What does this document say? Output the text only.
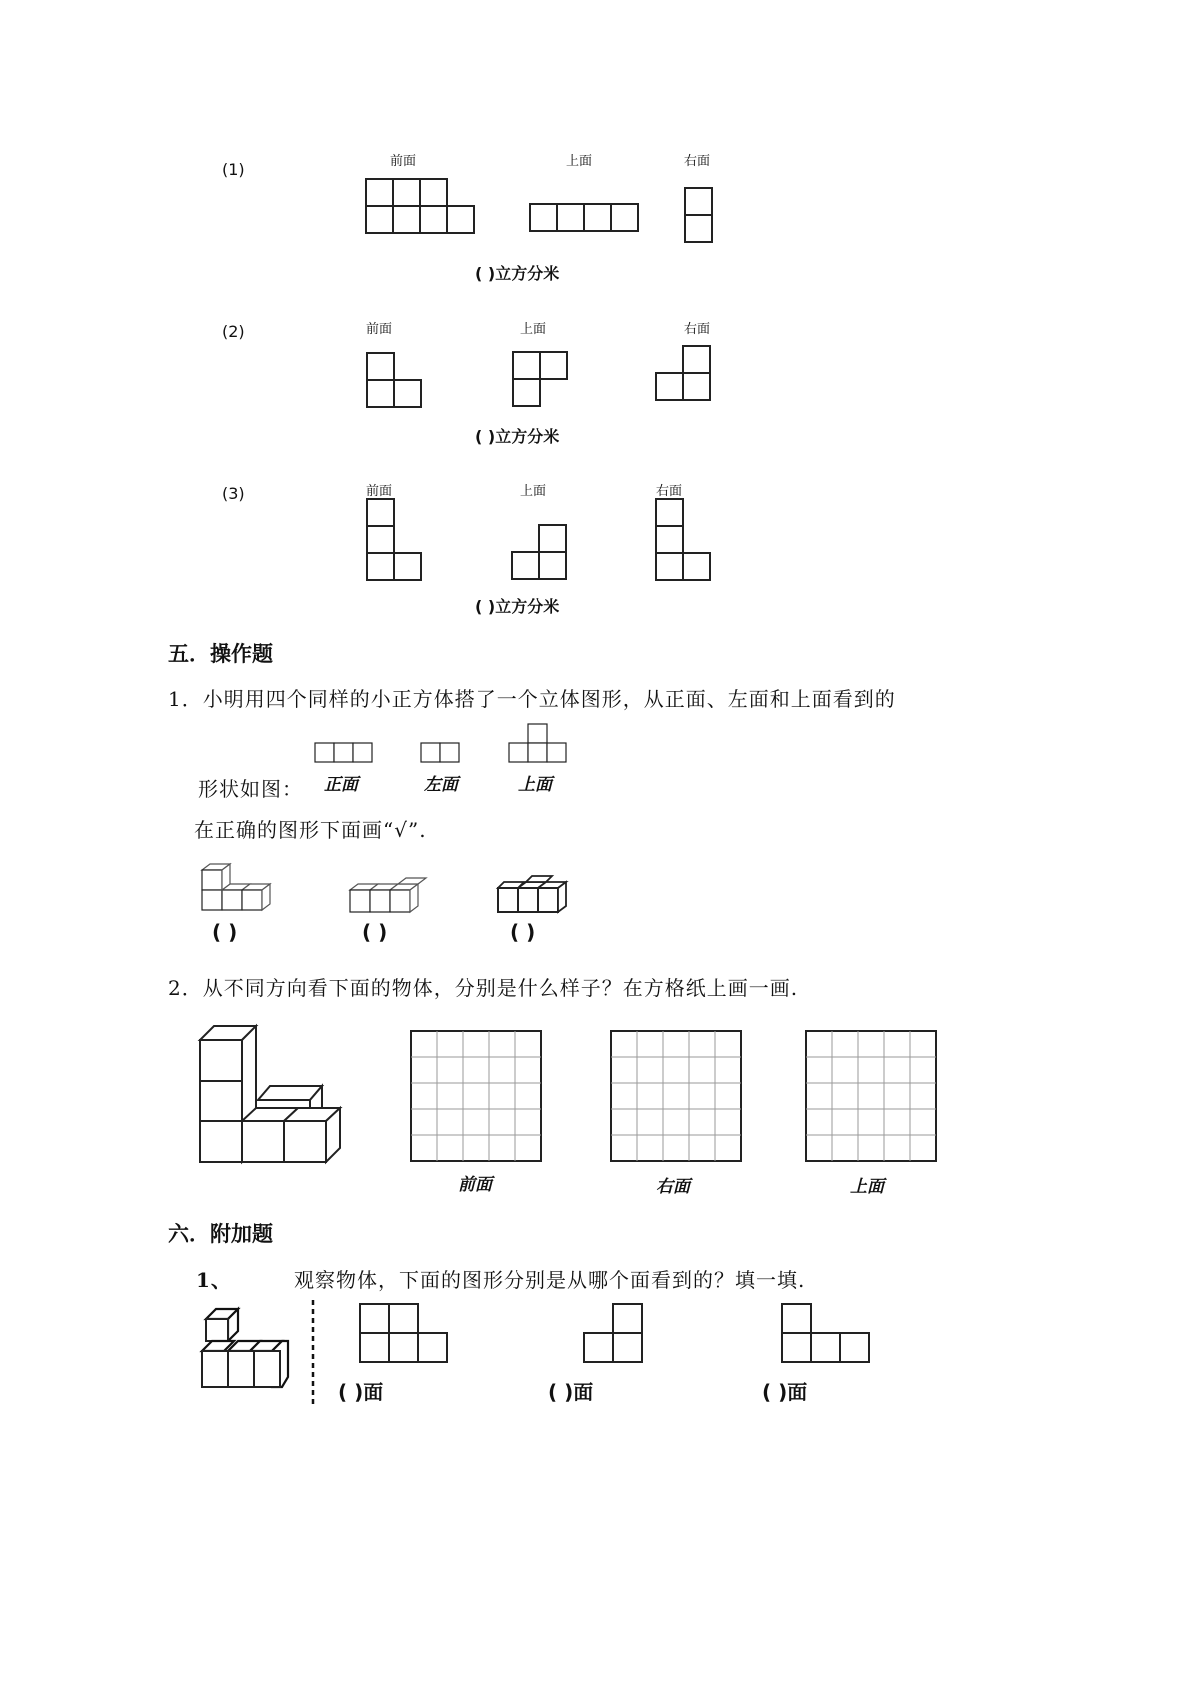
(1)	前面	上面	右面
( )立方分米
(2)	前面	上面	右面
( )立方分米
(3)	前面	上面	右面
( )立方分米
五．操作题
1．小明用四个同样的小正方体搭了一个立体图形，从正面、左面和上面看到的
正面	左面	上面
形状如图：
在正确的图形下面画“√”.
( )	( )	( )
2．从不同方向看下面的物体，分别是什么样子？在方格纸上画一画.
前面	右面	上面
六．附加题
1、	观察物体，下面的图形分别是从哪个面看到的？填一填.
( )面	( )面	( )面
